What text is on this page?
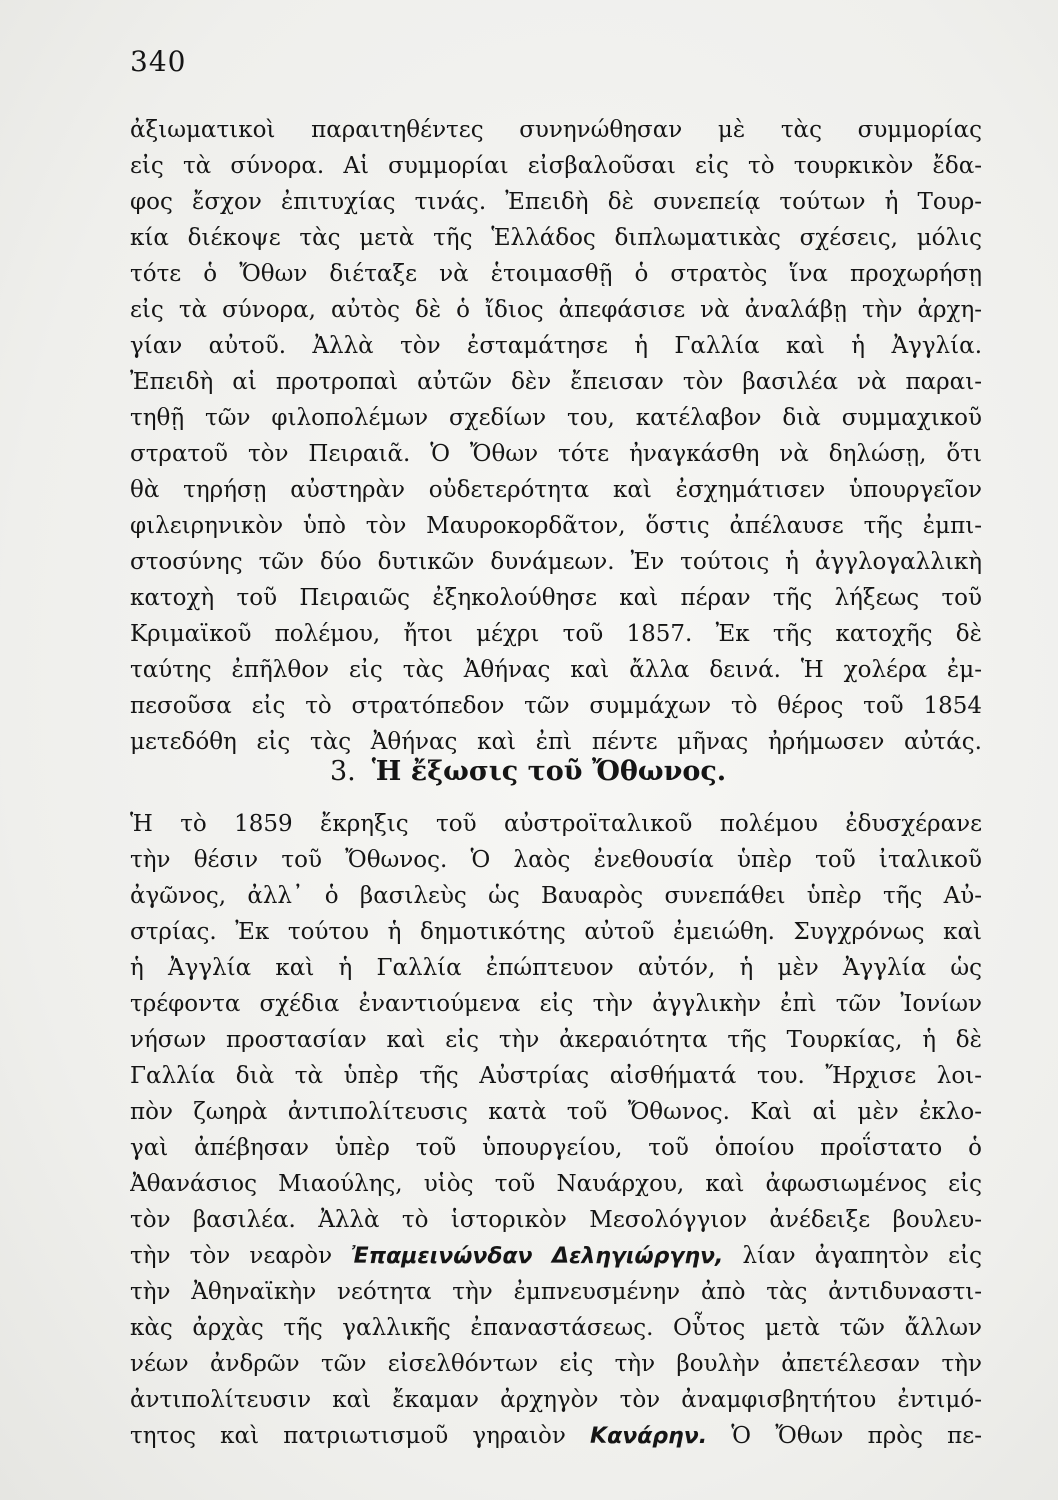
340
ἀξιωματικοὶ παραιτηθέντες συνηνώθησαν μὲ τὰς συμμορίας
εἰς τὰ σύνορα. Αἱ συμμορίαι εἰσβαλοῦσαι εἰς τὸ τουρκικὸν ἔδα-
φος ἔσχον ἐπιτυχίας τινάς. Ἐπειδὴ δὲ συνεπείᾳ τούτων ἡ Τουρ-
κία διέκοψε τὰς μετὰ τῆς Ἑλλάδος διπλωματικὰς σχέσεις, μόλις
τότε ὁ Ὄθων διέταξε νὰ ἑτοιμασθῇ ὁ στρατὸς ἵνα προχωρήσῃ
εἰς τὰ σύνορα, αὐτὸς δὲ ὁ ἴδιος ἀπεφάσισε νὰ ἀναλάβῃ τὴν ἀρχη-
γίαν αὐτοῦ. Ἀλλὰ τὸν ἐσταμάτησε ἡ Γαλλία καὶ ἡ Ἀγγλία.
Ἐπειδὴ αἱ προτροπαὶ αὐτῶν δὲν ἔπεισαν τὸν βασιλέα νὰ παραι-
τηθῇ τῶν φιλοπολέμων σχεδίων του, κατέλαβον διὰ συμμαχικοῦ
στρατοῦ τὸν Πειραιᾶ. Ὁ Ὄθων τότε ἠναγκάσθη νὰ δηλώσῃ, ὅτι
θὰ τηρήσῃ αὐστηρὰν οὐδετερότητα καὶ ἐσχημάτισεν ὑπουργεῖον
φιλειρηνικὸν ὑπὸ τὸν Μαυροκορδᾶτον, ὅστις ἀπέλαυσε τῆς ἐμπι-
στοσύνης τῶν δύο δυτικῶν δυνάμεων. Ἐν τούτοις ἡ ἀγγλογαλλικὴ
κατοχὴ τοῦ Πειραιῶς ἐξηκολούθησε καὶ πέραν τῆς λήξεως τοῦ
Κριμαϊκοῦ πολέμου, ἤτοι μέχρι τοῦ 1857. Ἐκ τῆς κατοχῆς δὲ
ταύτης ἐπῆλθον εἰς τὰς Ἀθήνας καὶ ἄλλα δεινά. Ἡ χολέρα ἐμ-
πεσοῦσα εἰς τὸ στρατόπεδον τῶν συμμάχων τὸ θέρος τοῦ 1854
μετεδόθη εἰς τὰς Ἀθήνας καὶ ἐπὶ πέντε μῆνας ἠρήμωσεν αὐτάς.
3. Ἡ ἔξωσις τοῦ Ὄθωνος.
Ἡ τὸ 1859 ἔκρηξις τοῦ αὐστροϊταλικοῦ πολέμου ἐδυσχέρανε
τὴν θέσιν τοῦ Ὄθωνος. Ὁ λαὸς ἐνεθουσία ὑπὲρ τοῦ ἰταλικοῦ
ἀγῶνος, ἀλλ᾽ ὁ βασιλεὺς ὡς Βαυαρὸς συνεπάθει ὑπὲρ τῆς Αὐ-
στρίας. Ἐκ τούτου ἡ δημοτικότης αὐτοῦ ἐμειώθη. Συγχρόνως καὶ
ἡ Ἀγγλία καὶ ἡ Γαλλία ἐπώπτευον αὐτόν, ἡ μὲν Ἀγγλία ὡς
τρέφοντα σχέδια ἐναντιούμενα εἰς τὴν ἀγγλικὴν ἐπὶ τῶν Ἰονίων
νήσων προστασίαν καὶ εἰς τὴν ἀκεραιότητα τῆς Τουρκίας, ἡ δὲ
Γαλλία διὰ τὰ ὑπὲρ τῆς Αὐστρίας αἰσθήματά του. Ἤρχισε λοι-
πὸν ζωηρὰ ἀντιπολίτευσις κατὰ τοῦ Ὄθωνος. Καὶ αἱ μὲν ἐκλο-
γαὶ ἀπέβησαν ὑπὲρ τοῦ ὑπουργείου, τοῦ ὁποίου προΐστατο ὁ
Ἀθανάσιος Μιαούλης, υἱὸς τοῦ Ναυάρχου, καὶ ἀφωσιωμένος εἰς
τὸν βασιλέα. Ἀλλὰ τὸ ἱστορικὸν Μεσολόγγιον ἀνέδειξε βουλευ-
τὴν τὸν νεαρὸν Ἐπαμεινώνδαν Δεληγιώργην, λίαν ἀγαπητὸν εἰς
τὴν Ἀθηναϊκὴν νεότητα τὴν ἐμπνευσμένην ἀπὸ τὰς ἀντιδυναστι-
κὰς ἀρχὰς τῆς γαλλικῆς ἐπαναστάσεως. Οὗτος μετὰ τῶν ἄλλων
νέων ἀνδρῶν τῶν εἰσελθόντων εἰς τὴν βουλὴν ἀπετέλεσαν τὴν
ἀντιπολίτευσιν καὶ ἔκαμαν ἀρχηγὸν τὸν ἀναμφισβητήτου ἐντιμό-
τητος καὶ πατριωτισμοῦ γηραιὸν Κανάρην. Ὁ Ὄθων πρὸς πε-
